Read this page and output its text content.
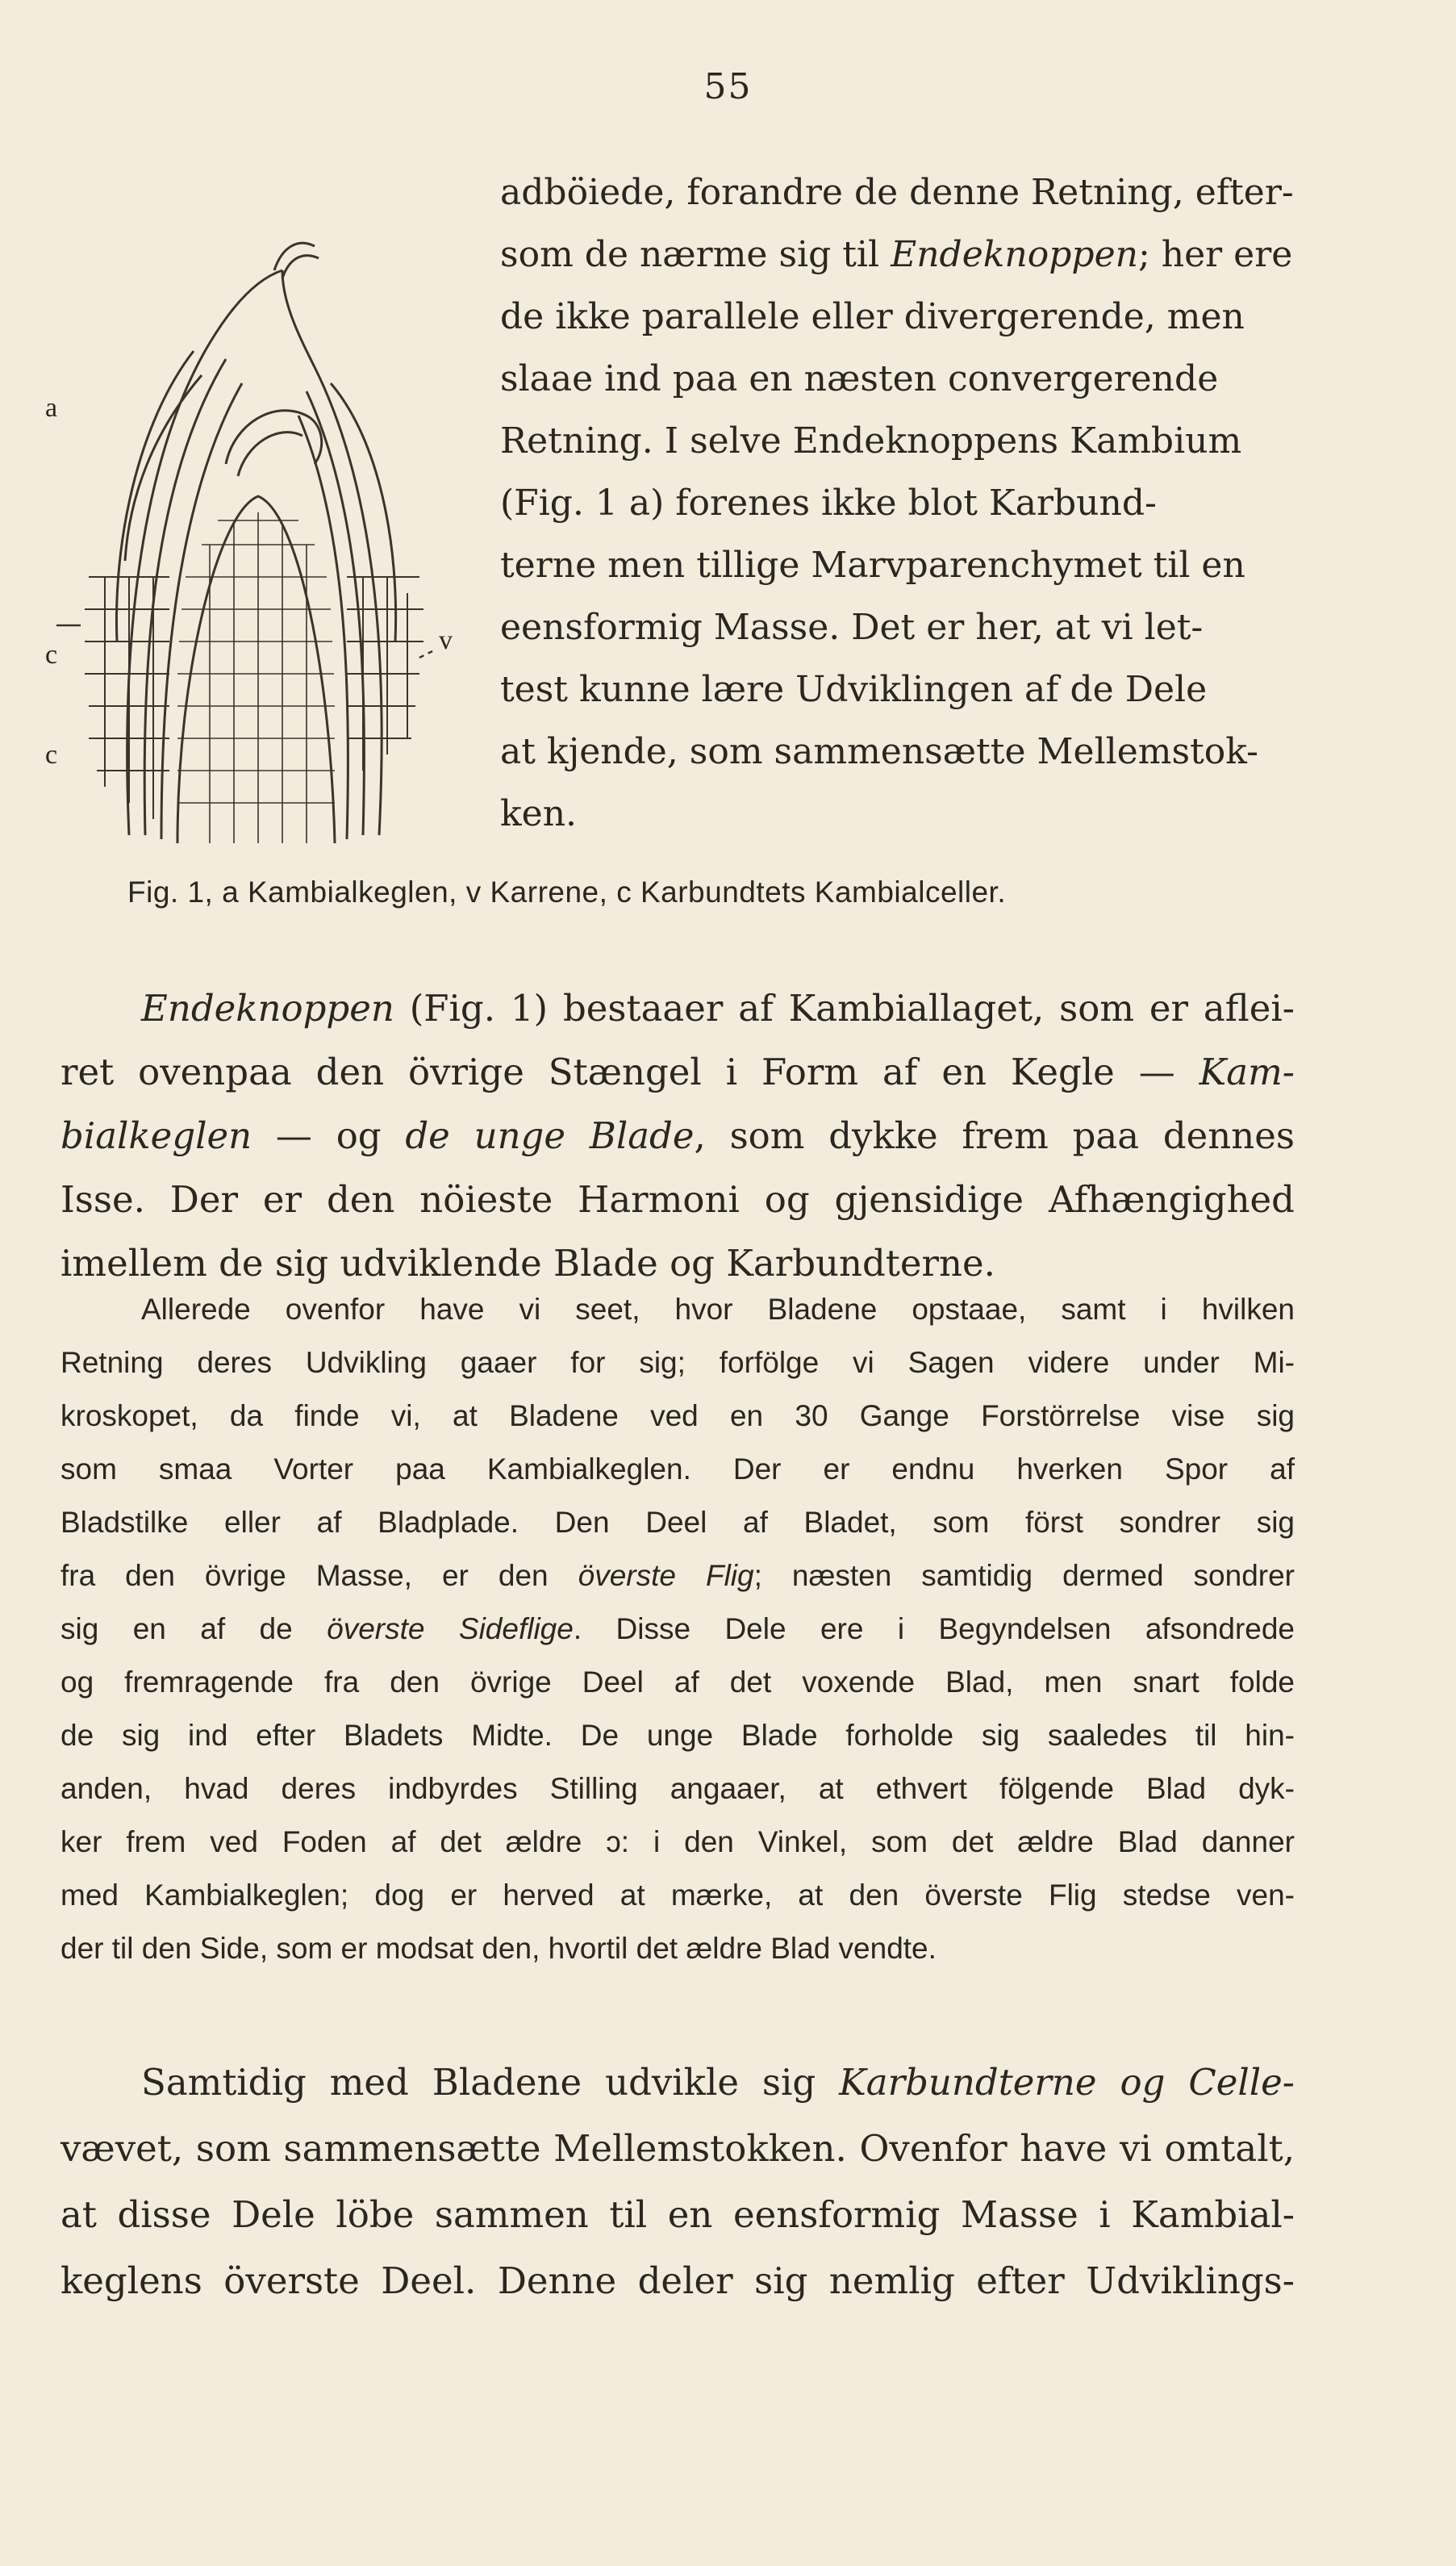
55
a
c
c
v
adböiede, forandre de denne Retning, efter-
som de nærme sig til Endeknoppen; her ere
de ikke parallele eller divergerende, men
slaae ind paa en næsten convergerende
Retning. I selve Endeknoppens Kambium
(Fig. 1 a) forenes ikke blot Karbund-
terne men tillige Marvparenchymet til en
eensformig Masse. Det er her, at vi let-
test kunne lære Udviklingen af de Dele
at kjende, som sammensætte Mellemstok-
ken.
Fig. 1, a Kambialkeglen, v Karrene, c Karbundtets Kambialceller.
Endeknoppen (Fig. 1) bestaaer af Kambiallaget, som er aflei-
ret ovenpaa den övrige Stængel i Form af en Kegle — Kam-
bialkeglen — og de unge Blade, som dykke frem paa dennes
Isse. Der er den nöieste Harmoni og gjensidige Afhængighed
imellem de sig udviklende Blade og Karbundterne.
Allerede ovenfor have vi seet, hvor Bladene opstaae, samt i hvilken
Retning deres Udvikling gaaer for sig; forfölge vi Sagen videre under Mi-
kroskopet, da finde vi, at Bladene ved en 30 Gange Forstörrelse vise sig
som smaa Vorter paa Kambialkeglen. Der er endnu hverken Spor af
Bladstilke eller af Bladplade. Den Deel af Bladet, som först sondrer sig
fra den övrige Masse, er den överste Flig; næsten samtidig dermed sondrer
sig en af de överste Sideflige. Disse Dele ere i Begyndelsen afsondrede
og fremragende fra den övrige Deel af det voxende Blad, men snart folde
de sig ind efter Bladets Midte. De unge Blade forholde sig saaledes til hin-
anden, hvad deres indbyrdes Stilling angaaer, at ethvert fölgende Blad dyk-
ker frem ved Foden af det ældre ɔ: i den Vinkel, som det ældre Blad danner
med Kambialkeglen; dog er herved at mærke, at den överste Flig stedse ven-
der til den Side, som er modsat den, hvortil det ældre Blad vendte.
Samtidig med Bladene udvikle sig Karbundterne og Celle-
vævet, som sammensætte Mellemstokken. Ovenfor have vi omtalt,
at disse Dele löbe sammen til en eensformig Masse i Kambial-
keglens överste Deel. Denne deler sig nemlig efter Udviklings-
